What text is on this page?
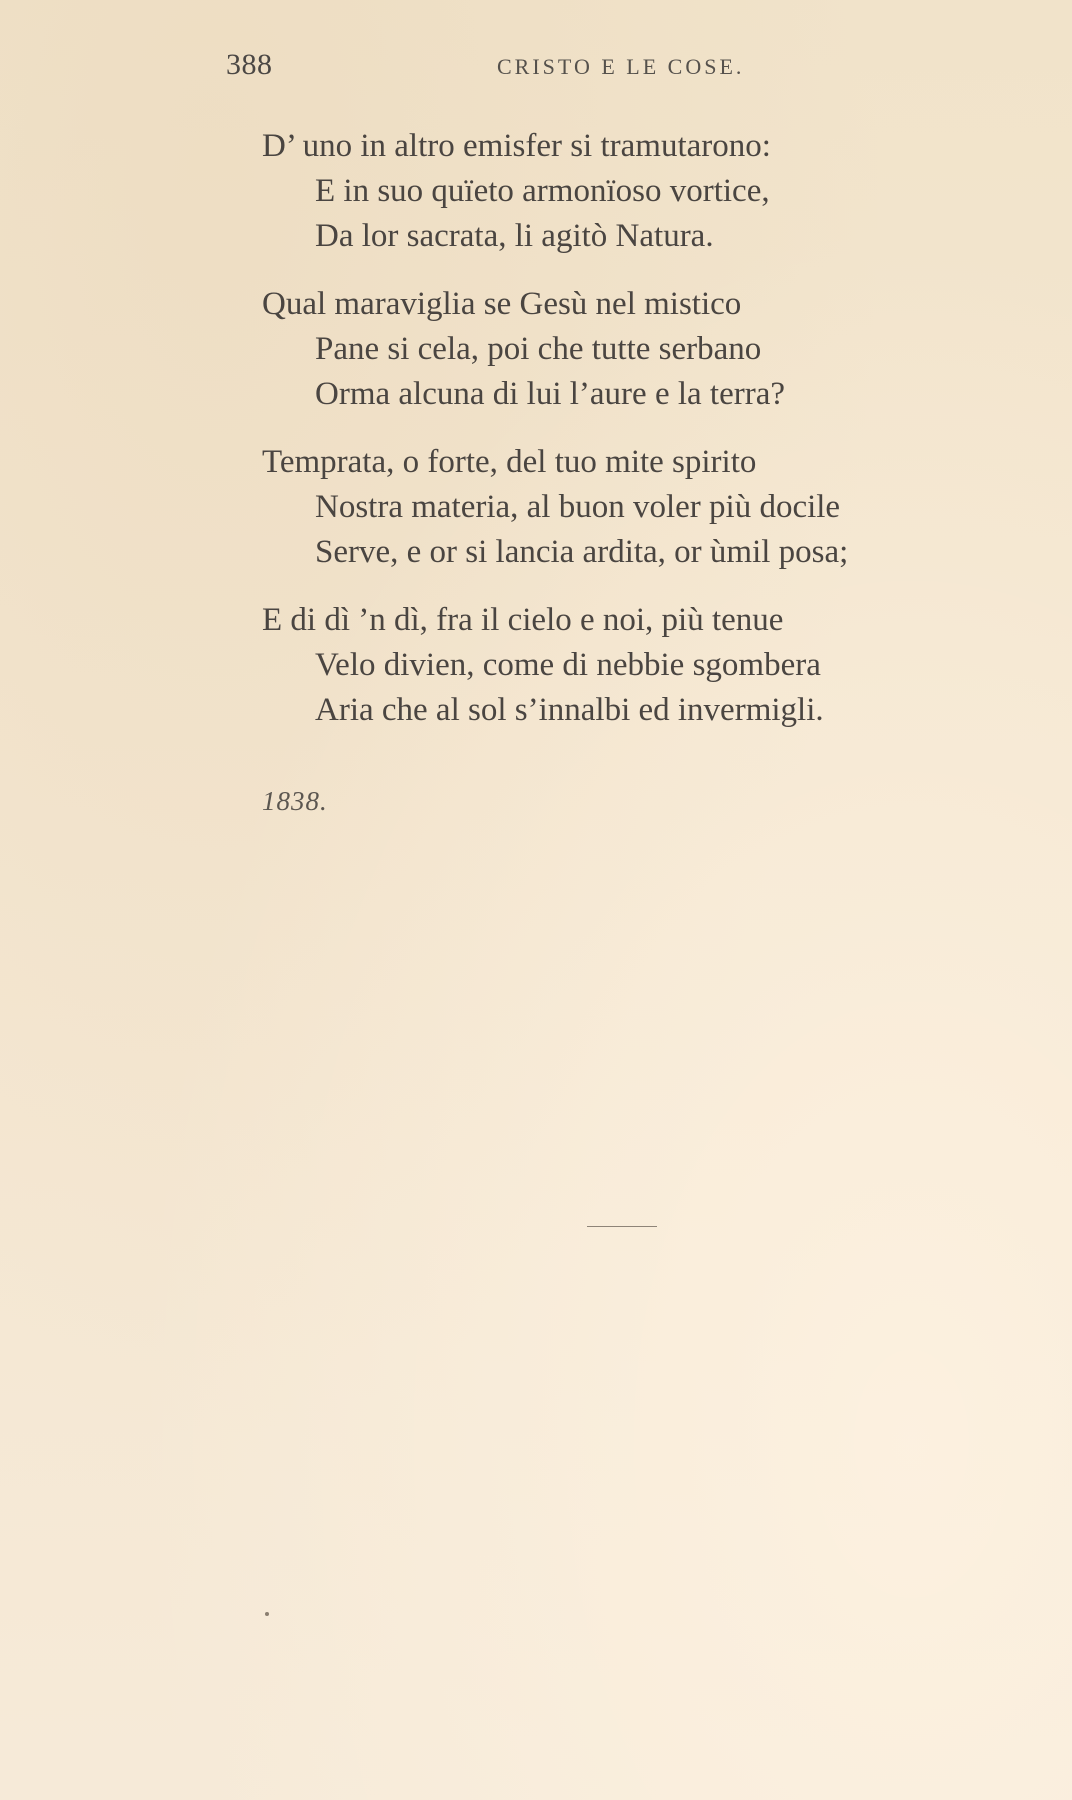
388	CRISTO E LE COSE.
D’ uno in altro emisfer si tramutarono:
E in suo quïeto armonïoso vortice,
Da lor sacrata, li agitò Natura.
Qual maraviglia se Gesù nel mistico
Pane si cela, poi che tutte serbano
Orma alcuna di lui l’aure e la terra?
Temprata, o forte, del tuo mite spirito
Nostra materia, al buon voler più docile
Serve, e or si lancia ardita, or ùmil posa;
E di dì ’n dì, fra il cielo e noi, più tenue
Velo divien, come di nebbie sgombera
Aria che al sol s’innalbi ed invermigli.
1838.
